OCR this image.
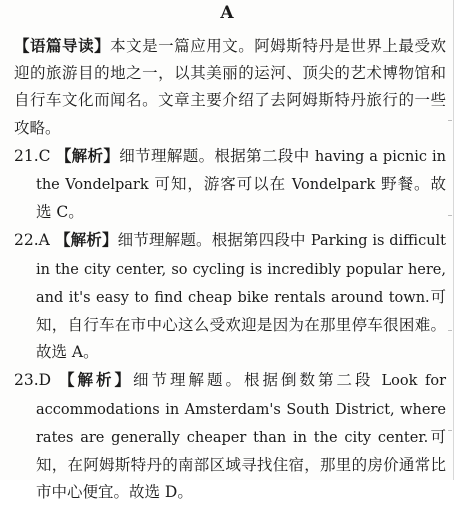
A

【语篇导读】本文是一篇应用文。阿姆斯特丹是世界上最受欢迎的旅游目的地之一，以其美丽的运河、顶尖的艺术博物馆和自行车文化而闻名。文章主要介绍了去阿姆斯特丹旅行的一些攻略。

21.C 【解析】细节理解题。根据第二段中 having a picnic in the Vondelpark 可知，游客可以在 Vondelpark 野餐。故选 C。

22.A 【解析】细节理解题。根据第四段中 Parking is difficult in the city center, so cycling is incredibly popular here, and it's easy to find cheap bike rentals around town.可知，自行车在市中心这么受欢迎是因为在那里停车很困难。故选 A。

23.D 【解析】细节理解题。根据倒数第二段 Look for accommodations in Amsterdam's South District, where rates are generally cheaper than in the city center.可知，在阿姆斯特丹的南部区域寻找住宿，那里的房价通常比市中心便宜。故选 D。
